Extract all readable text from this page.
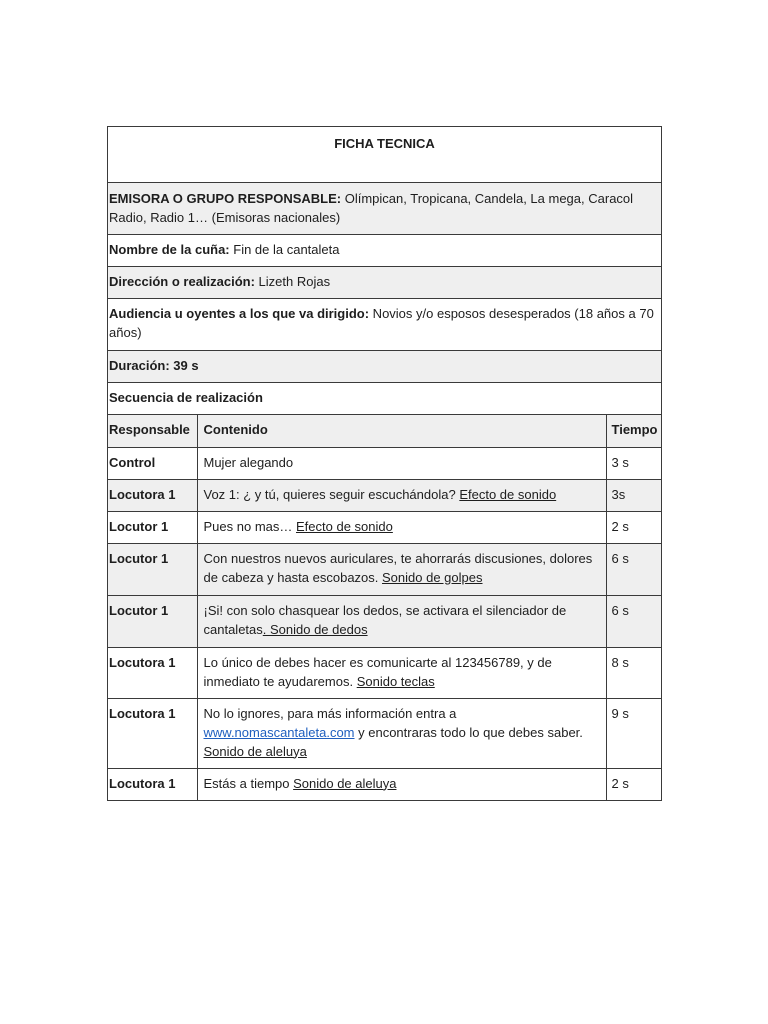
FICHA TECNICA
EMISORA O GRUPO RESPONSABLE: Olímpican, Tropicana, Candela, La mega, Caracol Radio, Radio 1… (Emisoras nacionales)
Nombre de la cuña: Fin de la cantaleta
Dirección o realización: Lizeth Rojas
Audiencia u oyentes a los que va dirigido: Novios y/o esposos desesperados (18 años a 70 años)
Duración: 39 s
Secuencia de realización
Responsable	Contenido	Tiempo
Control	Mujer alegando	3 s
Locutora 1	Voz 1: ¿ y tú, quieres seguir escuchándola? Efecto de sonido	3s
Locutor 1	Pues no mas… Efecto de sonido	2 s
Locutor 1	Con nuestros nuevos auriculares, te ahorrarás discusiones, dolores de cabeza y hasta escobazos. Sonido de golpes	6 s
Locutor 1	¡Si! con solo chasquear los dedos, se activara el silenciador de cantaletas. Sonido de dedos	6 s
Locutora 1	Lo único de debes hacer es comunicarte al 123456789, y de inmediato te ayudaremos. Sonido teclas	8 s
Locutora 1	No lo ignores, para más información entra a www.nomascantaleta.com y encontraras todo lo que debes saber. Sonido de aleluya	9 s
Locutora 1	Estás a tiempo Sonido de aleluya	2 s
